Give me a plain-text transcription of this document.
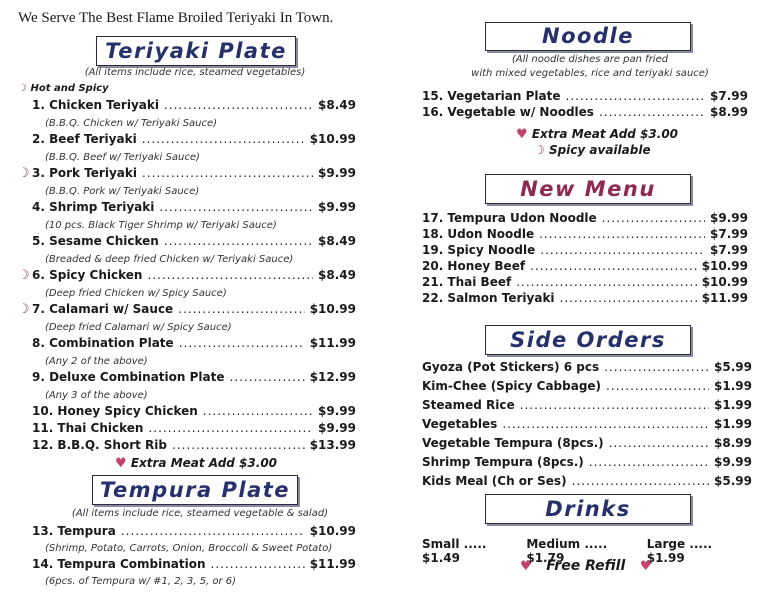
We Serve The Best Flame Broiled Teriyaki In Town.
Teriyaki Plate
(All items include rice, steamed vegetables)
☽ Hot and Spicy
1. Chicken Teriyaki .....	$8.49
(B.B.Q. Chicken w/ Teriyaki Sauce)
2. Beef Teriyaki .....	$10.99
(B.B.Q. Beef w/ Teriyaki Sauce)
☽ 3. Pork Teriyaki .....	$9.99
(B.B.Q. Pork w/ Teriyaki Sauce)
4. Shrimp Teriyaki .....	$9.99
(10 pcs. Black Tiger Shrimp w/ Teriyaki Sauce)
5. Sesame Chicken .....	$8.49
(Breaded & deep fried Chicken w/ Teriyaki Sauce)
☽ 6. Spicy Chicken .....	$8.49
(Deep fried Chicken w/ Spicy Sauce)
☽ 7. Calamari w/ Sauce .....	$10.99
(Deep fried Calamari w/ Spicy Sauce)
8. Combination Plate .....	$11.99
(Any 2 of the above)
9. Deluxe Combination Plate .....	$12.99
(Any 3 of the above)
10. Honey Spicy Chicken .....	$9.99
11. Thai Chicken .....	$9.99
12. B.B.Q. Short Rib .....	$13.99
♥ Extra Meat Add $3.00
Tempura Plate
(All items include rice, steamed vegetable & salad)
13. Tempura .....	$10.99
(Shrimp, Potato, Carrots, Onion, Broccoli & Sweet Potato)
14. Tempura Combination .....	$11.99
(6pcs. of Tempura w/ #1, 2, 3, 5, or 6)
Noodle
(All noodle dishes are pan fried
with mixed vegetables, rice and teriyaki sauce)
15. Vegetarian Plate .....	$7.99
16. Vegetable w/ Noodles .....	$8.99
♥ Extra Meat Add $3.00
☽ Spicy available
New Menu
17. Tempura Udon Noodle .....	$9.99
18. Udon Noodle .....	$7.99
19. Spicy Noodle .....	$7.99
20. Honey Beef .....	$10.99
21. Thai Beef .....	$10.99
22. Salmon Teriyaki .....	$11.99
Side Orders
Gyoza (Pot Stickers) 6 pcs .....	$5.99
Kim-Chee (Spicy Cabbage) .....	$1.99
Steamed Rice .....	$1.99
Vegetables .....	$1.99
Vegetable Tempura (8pcs.) .....	$8.99
Shrimp Tempura (8pcs.) .....	$9.99
Kids Meal (Ch or Ses) .....	$5.99
Drinks
Small ..... $1.49
Medium ..... $1.79
Large ..... $1.99
♥ Free Refill ♥
